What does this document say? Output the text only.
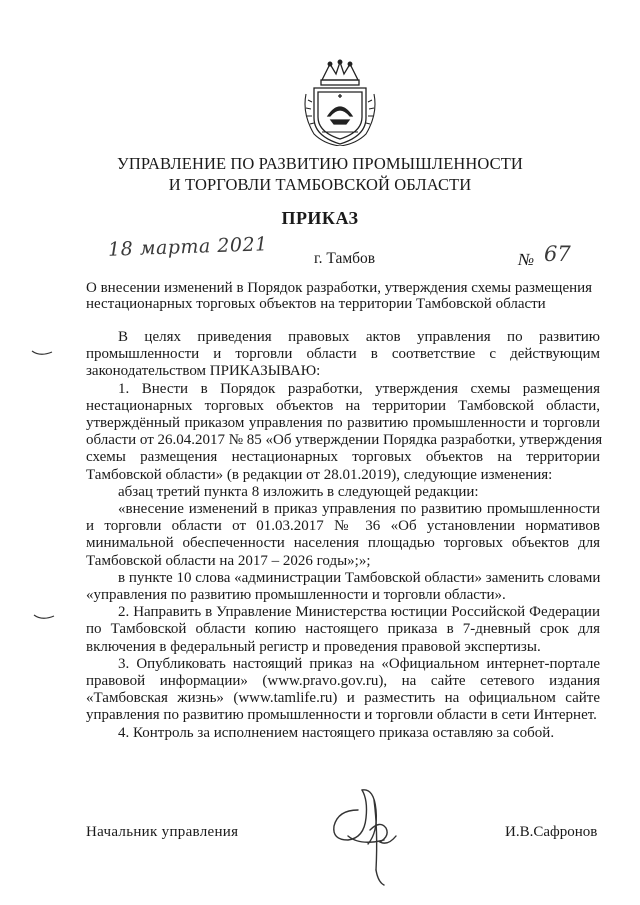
УПРАВЛЕНИЕ ПО РАЗВИТИЮ ПРОМЫШЛЕННОСТИ
И ТОРГОВЛИ ТАМБОВСКОЙ ОБЛАСТИ
ПРИКАЗ
18 марта 2021	г. Тамбов	№ 67
О внесении изменений в Порядок разработки, утверждения схемы размещения
нестационарных торговых объектов на территории Тамбовской области
В целях приведения правовых актов управления по развитию
промышленности и торговли области в соответствие с действующим
законодательством ПРИКАЗЫВАЮ:
1. Внести в Порядок разработки, утверждения схемы размещения
нестационарных торговых объектов на территории Тамбовской области,
утверждённый приказом управления по развитию промышленности и торговли
области от 26.04.2017 № 85 «Об утверждении Порядка разработки, утверждения
схемы размещения нестационарных торговых объектов на территории
Тамбовской области» (в редакции от 28.01.2019), следующие изменения:
абзац третий пункта 8 изложить в следующей редакции:
«внесение изменений в приказ управления по развитию промышленности
и торговли области от 01.03.2017 № 36 «Об установлении нормативов
минимальной обеспеченности населения площадью торговых объектов для
Тамбовской области на 2017 – 2026 годы»;»;
в пункте 10 слова «администрации Тамбовской области» заменить словами
«управления по развитию промышленности и торговли области».
2. Направить в Управление Министерства юстиции Российской Федерации
по Тамбовской области копию настоящего приказа в 7-дневный срок для
включения в федеральный регистр и проведения правовой экспертизы.
3. Опубликовать настоящий приказ на «Официальном интернет-портале
правовой информации» (www.pravo.gov.ru), на сайте сетевого издания
«Тамбовская жизнь» (www.tamlife.ru) и разместить на официальном сайте
управления по развитию промышленности и торговли области в сети Интернет.
4. Контроль за исполнением настоящего приказа оставляю за собой.
Начальник управления	И.В.Сафронов
